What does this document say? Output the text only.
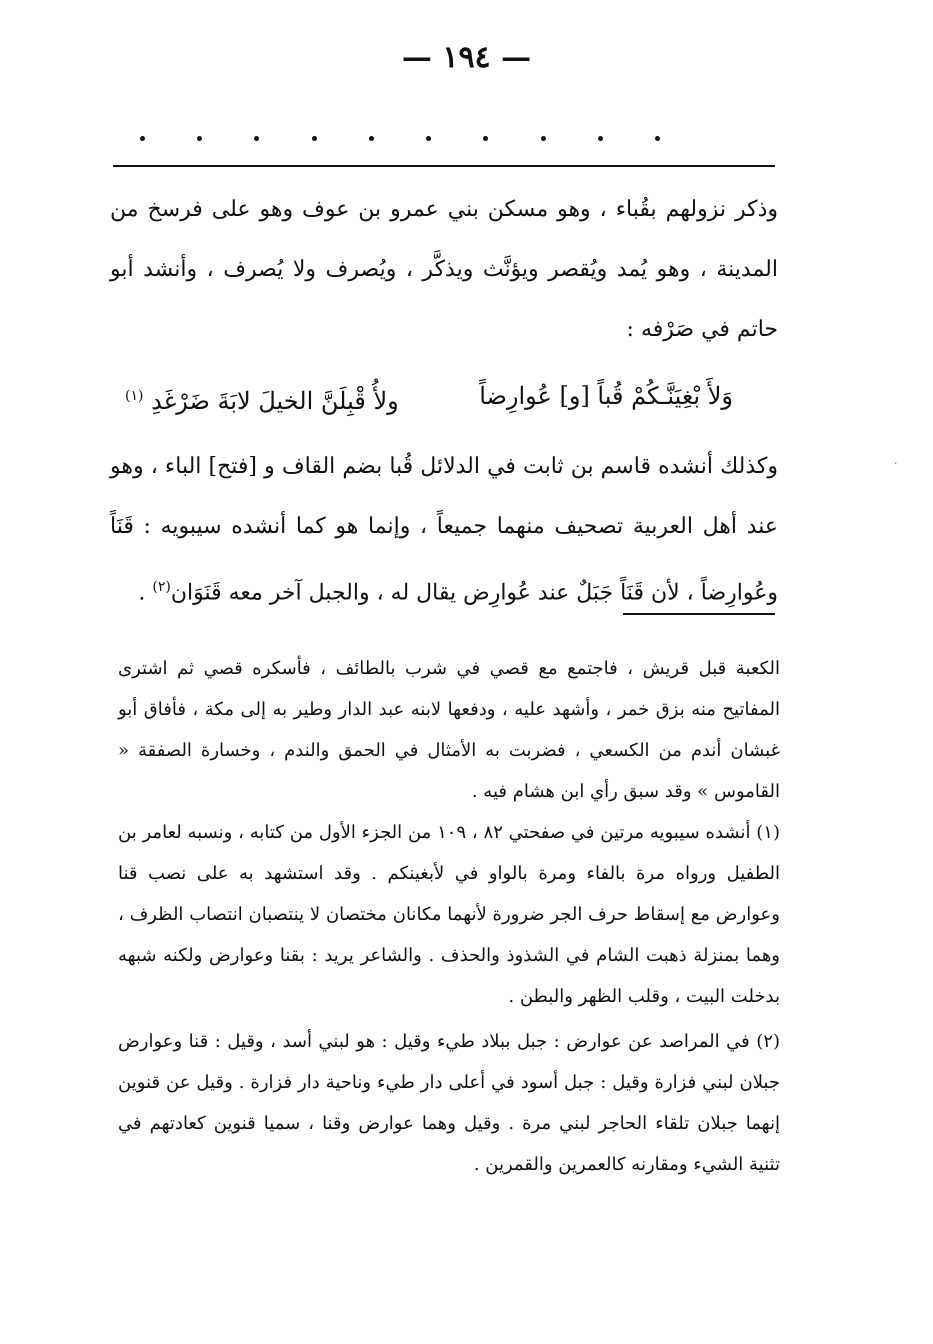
— ١٩٤ —

وذكر نزولهم بقُباء ، وهو مسكن بني عمرو بن عوف وهو على فرسخ من المدينة ، وهو يُمد ويُقصر ويؤنَّث ويذكَّر ، ويُصرف ولا يُصرف ، وأنشد أبو حاتم في صَرْفه :

وَلأَ بْغِيَنَّـكُمْ قُباً [و] عُوارِضاً
ولأُ قْبِلَنَّ الخيلَ لابَةَ ضَرْغَدِ $^{(١)}$

وكذلك أنشده قاسم بن ثابت في الدلائل قُبا بضم القاف و [فتح] الباء ، وهو عند أهل العربية تصحيف منهما جميعاً ، وإنما هو كما أنشده سيبويه : قَنَاً وعُوارِضاً ، لأن قَنَاً جَبَلٌ عند عُوارِض يقال له ، والجبل آخر معه قَنَوَان$^{(٢)}$ .

الكعبة قبل قريش ، فاجتمع مع قصي في شرب بالطائف ، فأسكره قصي ثم اشترى المفاتيح منه بزق خمر ، وأشهد عليه ، ودفعها لابنه عبد الدار وطير به إلى مكة ، فأفاق أبو غبشان أندم من الكسعي ، فضربت به الأمثال في الحمق والندم ، وخسارة الصفقة « القاموس » وقد سبق رأي ابن هشام فيه .

(١) أنشده سيبويه مرتين في صفحتي ٨٢ ، ١٠٩ من الجزء الأول من كتابه ، ونسبه لعامر بن الطفيل ورواه مرة بالفاء ومرة بالواو في لأبغينكم . وقد استشهد به على نصب قنا وعوارض مع إسقاط حرف الجر ضرورة لأنهما مكانان مختصان لا ينتصبان انتصاب الظرف ، وهما بمنزلة ذهبت الشام في الشذوذ والحذف . والشاعر يريد : بقنا وعوارض ولكنه شبهه بدخلت البيت ، وقلب الظهر والبطن .

(٢) في المراصد عن عوارض : جبل ببلاد طيء وقيل : هو لبني أسد ، وقيل : قنا وعوارض جبلان لبني فزارة وقيل : جبل أسود في أعلى دار طيء وناحية دار فزارة . وقيل عن قنوين إنهما جبلان تلقاء الحاجر لبني مرة . وقيل وهما عوارض وقنا ، سميا قنوين كعادتهم في تثنية الشيء ومقارنه كالعمرين والقمرين .

٠
